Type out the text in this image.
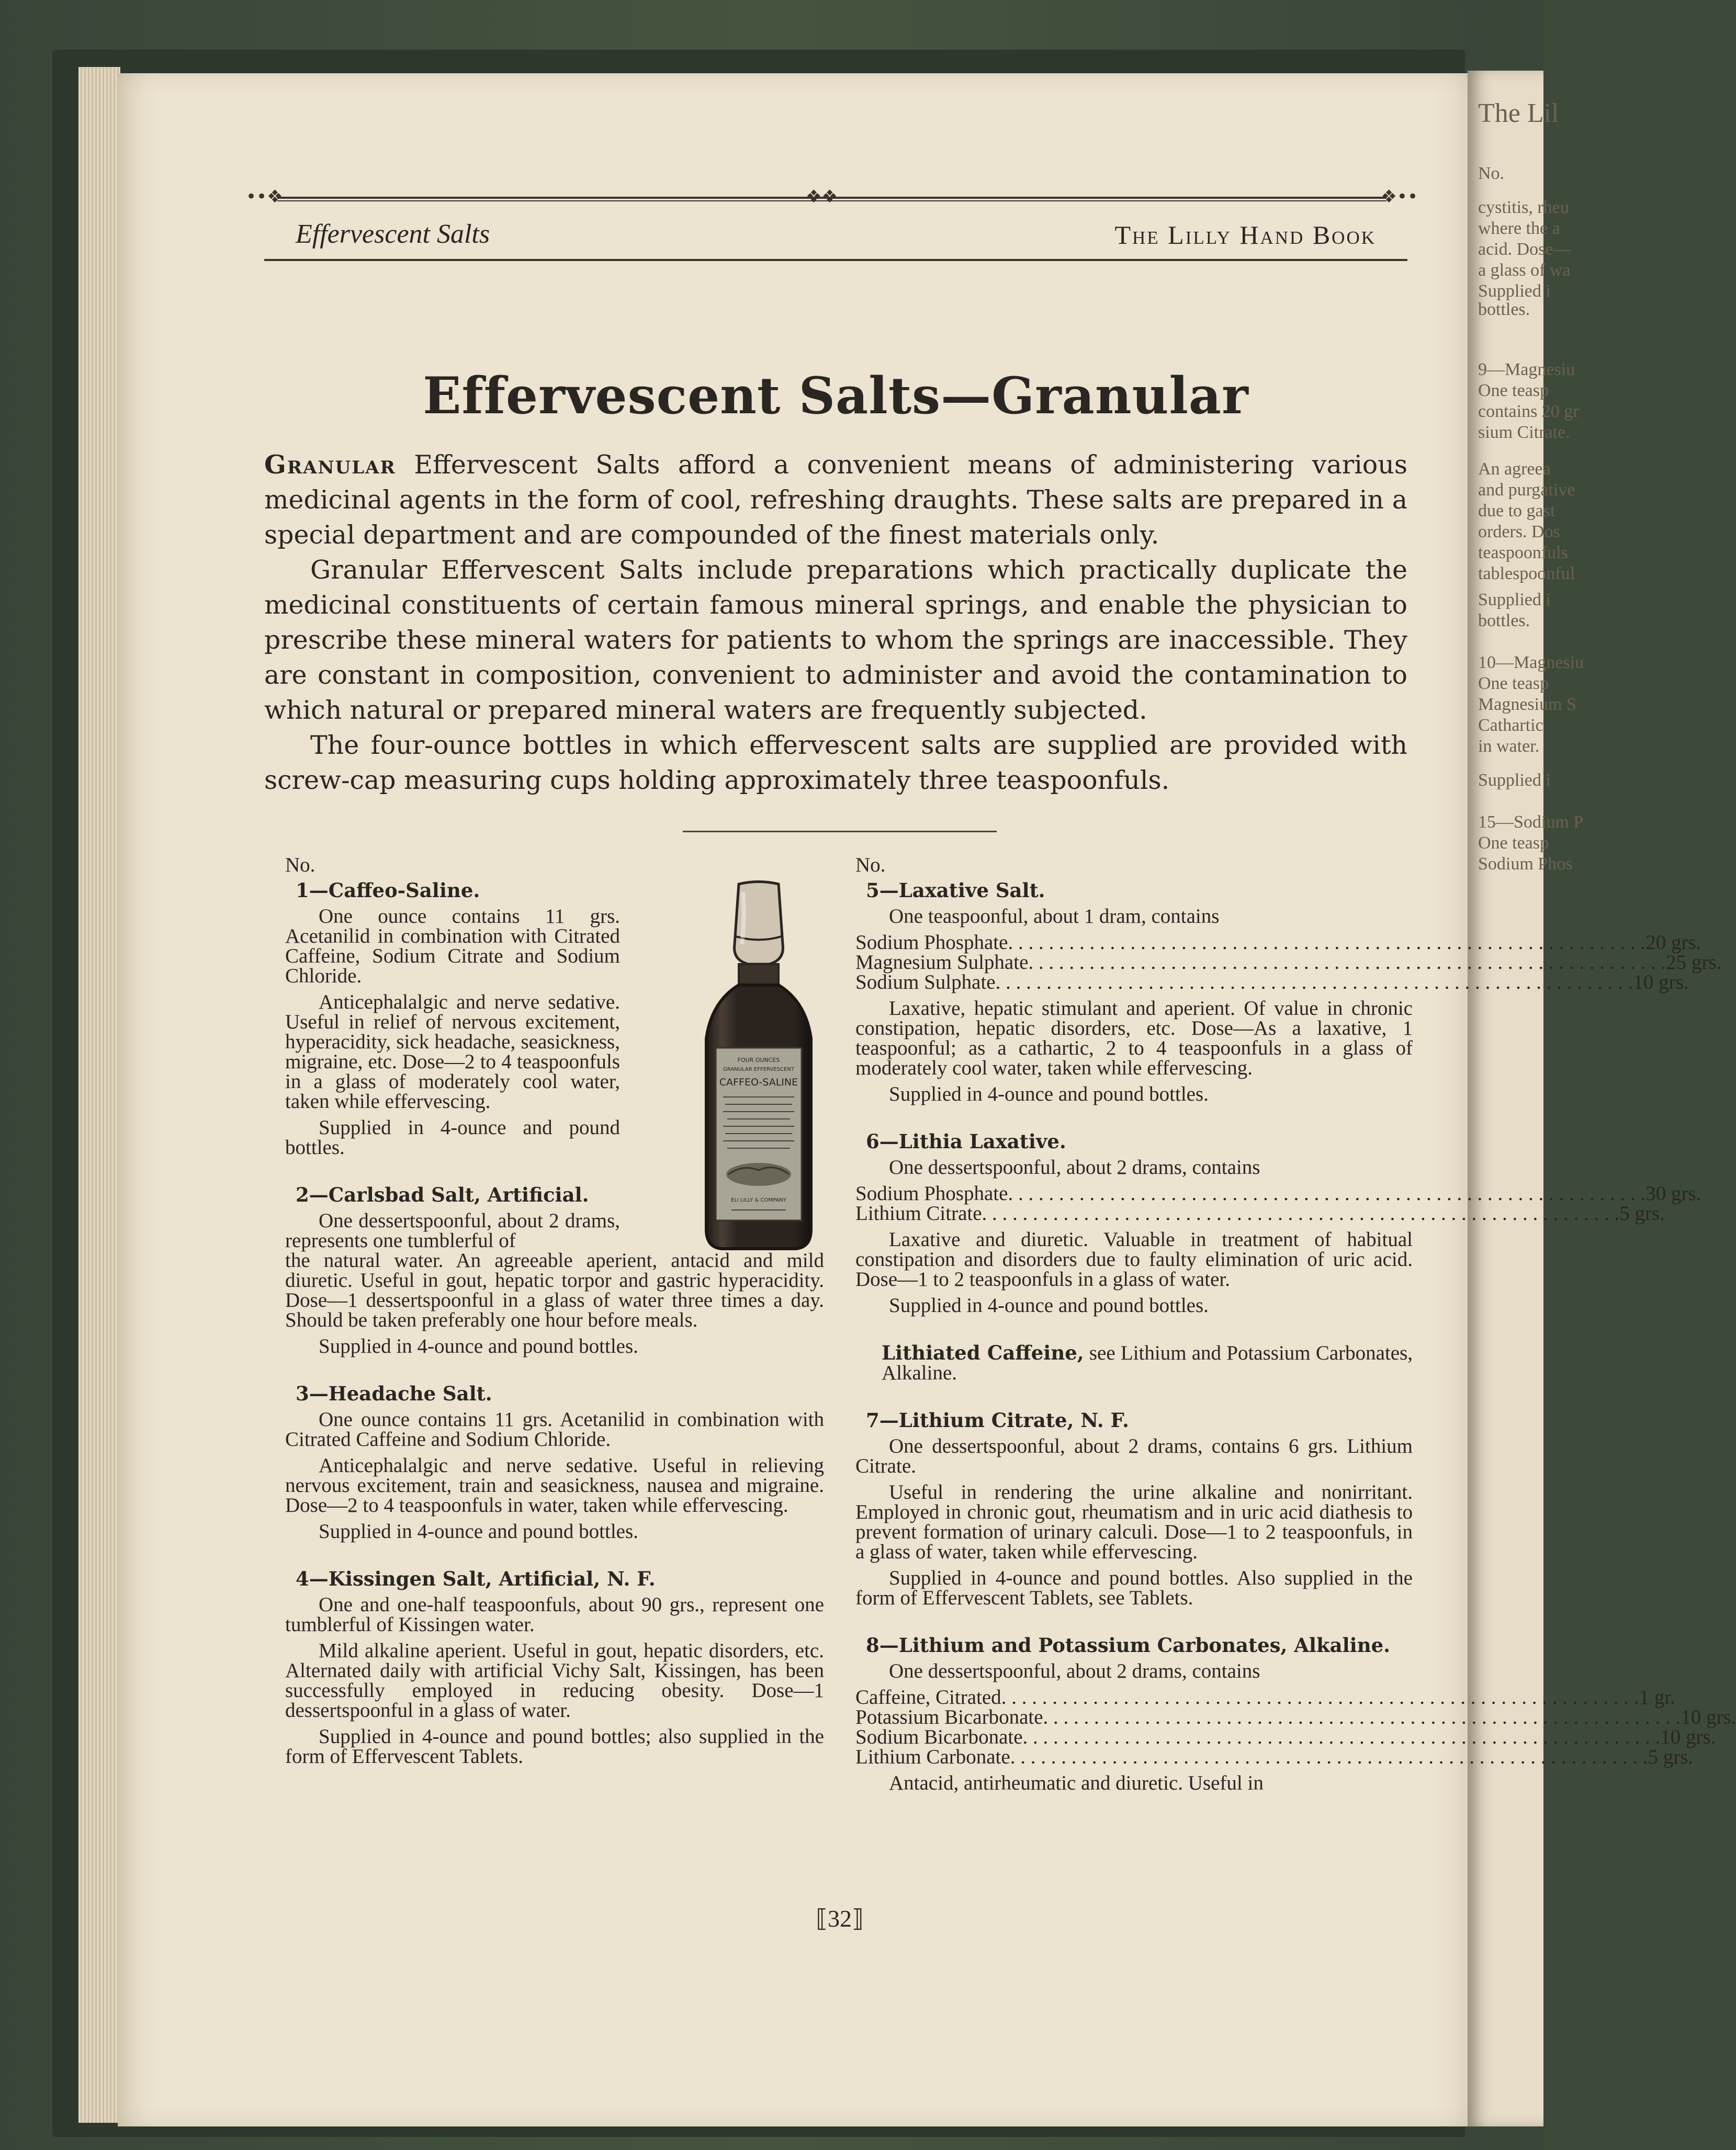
The Lil
No.
cystitis, rheu
where the a
acid. Dose—
a glass of wa
Supplied i
bottles.
9—Magnesiu
One teasp
contains 20 gr
sium Citrate.
An agreea
and purgative
due to gast
orders. Dos
teaspoonfuls
tablespoonful
Supplied i
bottles.
10—Magnesiu
One teasp
Magnesium S
Cathartic
in water.
Supplied i
15—Sodium P
One teasp
Sodium Phos
••❖	❖❖	❖••
Effervescent Salts	The Lilly Hand Book
Effervescent Salts—Granular

Granular Effervescent Salts afford a convenient means of administering various medicinal agents in the form of cool, refreshing draughts. These salts are prepared in a special department and are compounded of the finest materials only.

Granular Effervescent Salts include preparations which practically duplicate the medicinal constituents of certain famous mineral springs, and enable the physician to prescribe these mineral waters for patients to whom the springs are inaccessible. They are constant in composition, convenient to administer and avoid the contamination to which natural or prepared mineral waters are frequently subjected.

The four-ounce bottles in which effervescent salts are supplied are provided with screw-cap measuring cups holding approximately three teaspoonfuls.

No.
1—Caffeo-Saline.
One ounce contains 11 grs. Acetanilid in combination with Citrated Caffeine, Sodium Citrate and Sodium Chloride.
Anticephalalgic and nerve sedative. Useful in relief of nervous excitement, hyperacidity, sick headache, seasickness, migraine, etc. Dose—2 to 4 teaspoonfuls in a glass of moderately cool water, taken while effervescing.
Supplied in 4-ounce and pound bottles.
2—Carlsbad Salt, Artificial.
One dessertspoonful, about 2 drams, represents one tumblerful of
the natural water. An agreeable aperient, antacid and mild diuretic. Useful in gout, hepatic torpor and gastric hyperacidity. Dose—1 dessertspoonful in a glass of water three times a day. Should be taken preferably one hour before meals.
Supplied in 4-ounce and pound bottles.
3—Headache Salt.
One ounce contains 11 grs. Acetanilid in combination with Citrated Caffeine and Sodium Chloride.
Anticephalalgic and nerve sedative. Useful in relieving nervous excitement, train and seasickness, nausea and migraine. Dose—2 to 4 teaspoonfuls in water, taken while effervescing.
Supplied in 4-ounce and pound bottles.
4—Kissingen Salt, Artificial, N. F.
One and one-half teaspoonfuls, about 90 grs., represent one tumblerful of Kissingen water.
Mild alkaline aperient. Useful in gout, hepatic disorders, etc. Alternated daily with artificial Vichy Salt, Kissingen, has been successfully employed in reducing obesity. Dose—1 dessertspoonful in a glass of water.
Supplied in 4-ounce and pound bottles; also supplied in the form of Effervescent Tablets.
FOUR OUNCES
GRANULAR EFFERVESCENT
CAFFEO-SALINE
ELI LILLY & COMPANY
No.
5—Laxative Salt.
One teaspoonful, about 1 dram, contains
Sodium Phosphate . . .	20 grs.
Magnesium Sulphate . . .	25 grs.
Sodium Sulphate . . .	10 grs.
Laxative, hepatic stimulant and aperient. Of value in chronic constipation, hepatic disorders, etc. Dose—As a laxative, 1 teaspoonful; as a cathartic, 2 to 4 teaspoonfuls in a glass of moderately cool water, taken while effervescing.
Supplied in 4-ounce and pound bottles.
6—Lithia Laxative.
One dessertspoonful, about 2 drams, contains
Sodium Phosphate . . .	30 grs.
Lithium Citrate . . .	5 grs.
Laxative and diuretic. Valuable in treatment of habitual constipation and disorders due to faulty elimination of uric acid. Dose—1 to 2 teaspoonfuls in a glass of water.
Supplied in 4-ounce and pound bottles.
Lithiated Caffeine, see Lithium and Potassium Carbonates, Alkaline.
7—Lithium Citrate, N. F.
One dessertspoonful, about 2 drams, contains 6 grs. Lithium Citrate.
Useful in rendering the urine alkaline and nonirritant. Employed in chronic gout, rheumatism and in uric acid diathesis to prevent formation of urinary calculi. Dose—1 to 2 teaspoonfuls, in a glass of water, taken while effervescing.
Supplied in 4-ounce and pound bottles. Also supplied in the form of Effervescent Tablets, see Tablets.
8—Lithium and Potassium Carbonates, Alkaline.
One dessertspoonful, about 2 drams, contains
Caffeine, Citrated . . .	1 gr.
Potassium Bicarbonate . . .	10 grs.
Sodium Bicarbonate . . .	10 grs.
Lithium Carbonate . . .	5 grs.
Antacid, antirheumatic and diuretic. Useful in
⟦32⟧
